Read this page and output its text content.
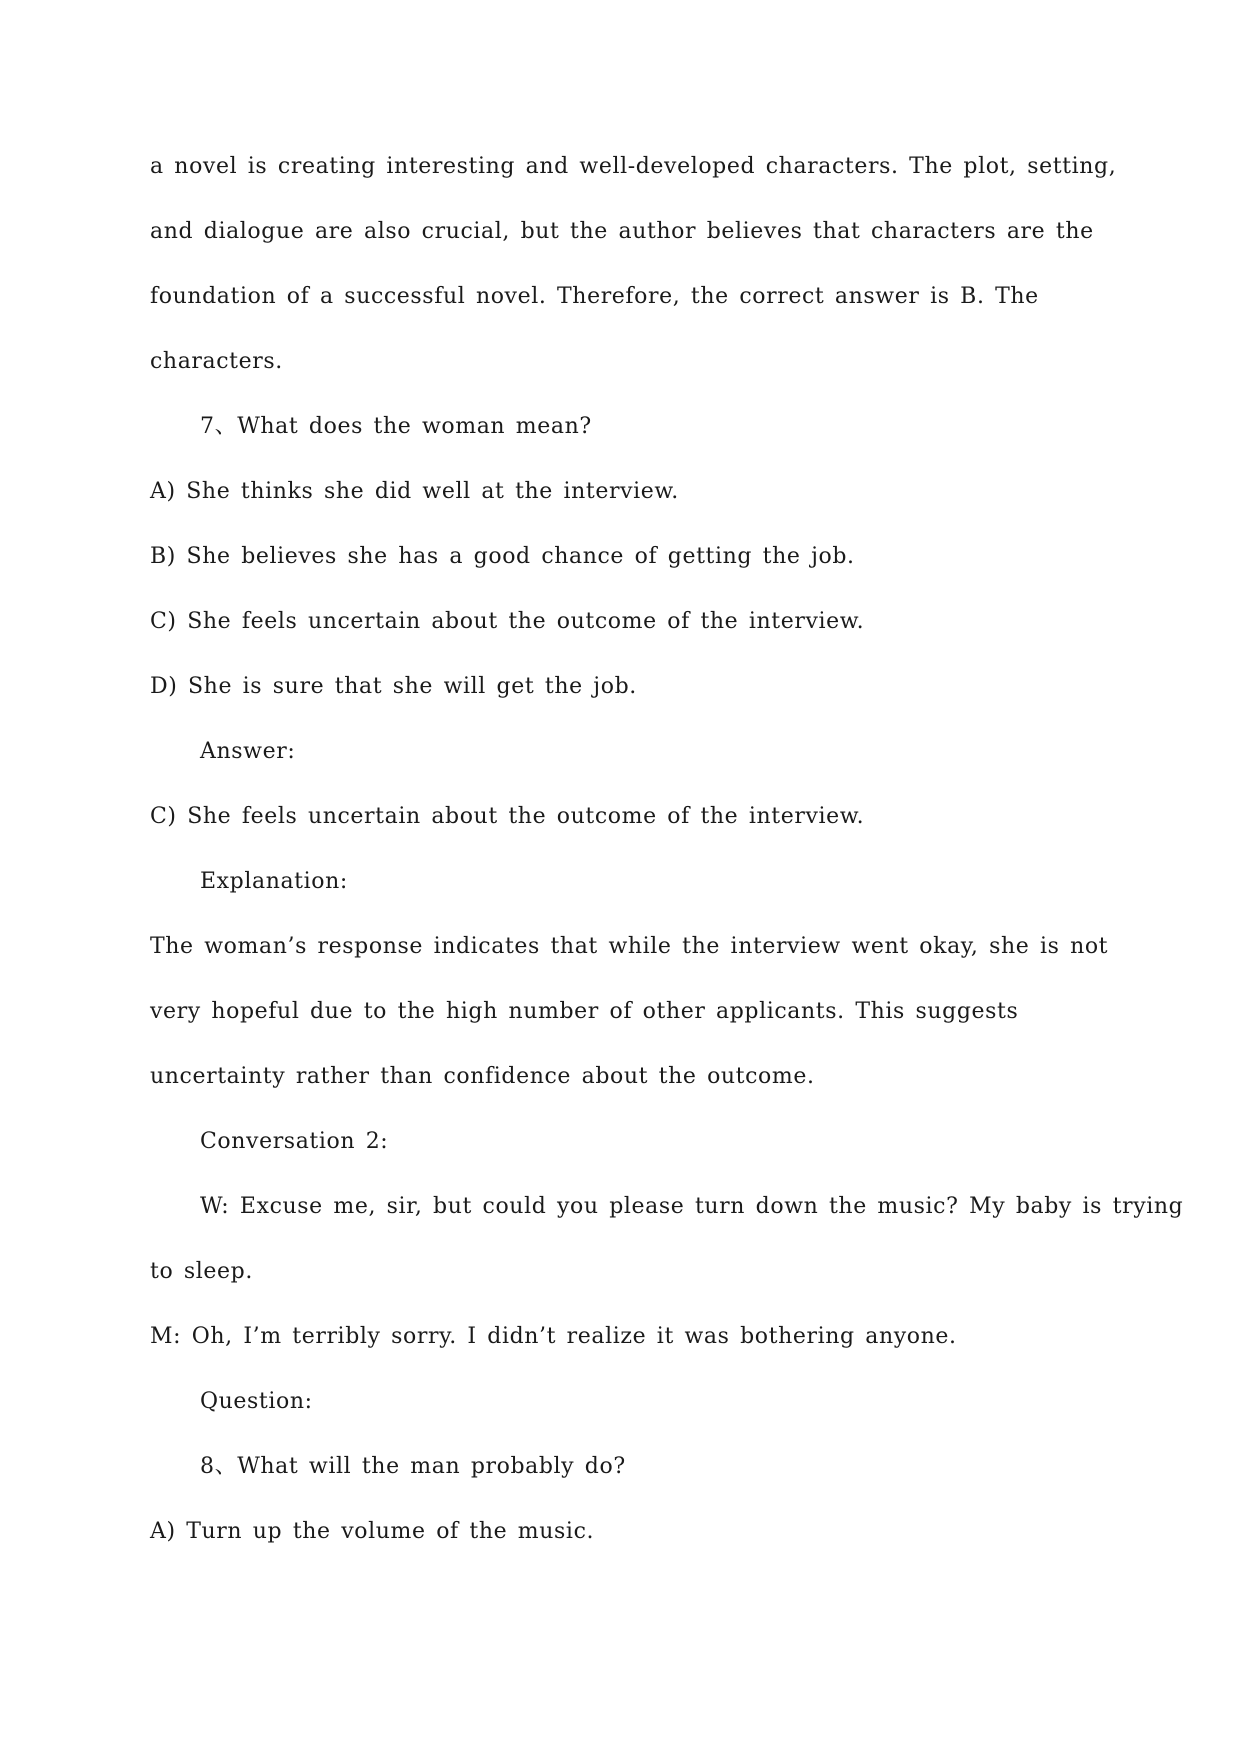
a novel is creating interesting and well-developed characters. The plot, setting,
and dialogue are also crucial, but the author believes that characters are the
foundation of a successful novel. Therefore, the correct answer is B. The
characters.
7、What does the woman mean?
A) She thinks she did well at the interview.
B) She believes she has a good chance of getting the job.
C) She feels uncertain about the outcome of the interview.
D) She is sure that she will get the job.
Answer:
C) She feels uncertain about the outcome of the interview.
Explanation:
The woman’s response indicates that while the interview went okay, she is not
very hopeful due to the high number of other applicants. This suggests
uncertainty rather than confidence about the outcome.
Conversation 2:
W: Excuse me, sir, but could you please turn down the music? My baby is trying
to sleep.
M: Oh, I’m terribly sorry. I didn’t realize it was bothering anyone.
Question:
8、What will the man probably do?
A) Turn up the volume of the music.
